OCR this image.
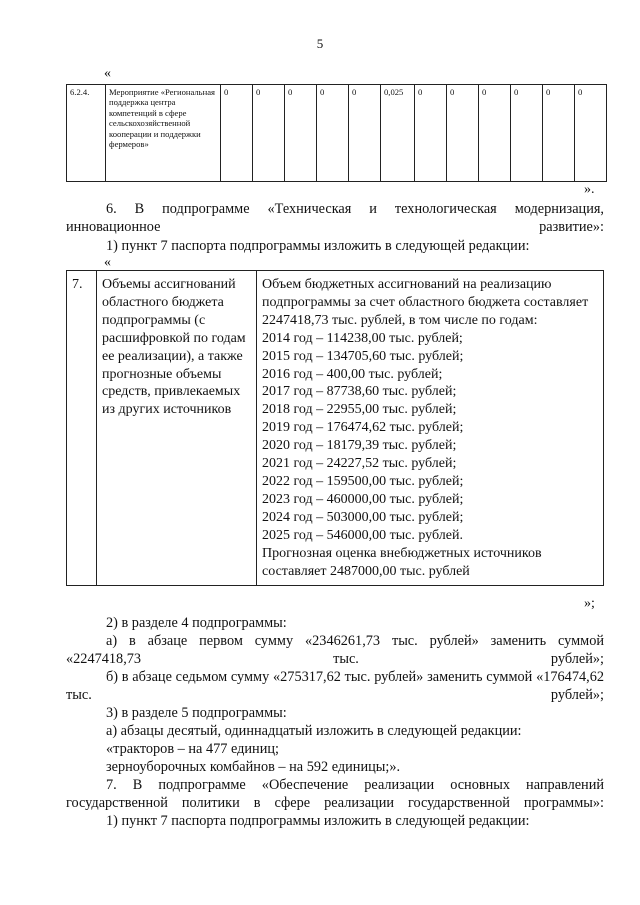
5
«
6.2.4.	Мероприятие «Региональная поддержка центра компетенций в сфере сельскохозяйственной кооперации и поддержки фермеров»	0	0	0	0	0	0,025	0	0	0	0	0	0
».
6. В подпрограмме «Техническая и технологическая модернизация, инновационное развитие»:
1) пункт 7 паспорта подпрограммы изложить в следующей редакции:
«
7.	Объемы ассигнований областного бюджета подпрограммы (с расшифровкой по годам ее реализации), а также прогнозные объемы средств, привлекаемых из других источников	
Объем бюджетных ассигнований на реализацию подпрограммы за счет областного бюджета составляет 2247418,73 тыс. рублей, в том числе по годам:
2014 год – 114238,00 тыс. рублей;
2015 год – 134705,60 тыс. рублей;
2016 год – 400,00 тыс. рублей;
2017 год – 87738,60 тыс. рублей;
2018 год – 22955,00 тыс. рублей;
2019 год – 176474,62 тыс. рублей;
2020 год – 18179,39 тыс. рублей;
2021 год – 24227,52 тыс. рублей;
2022 год – 159500,00 тыс. рублей;
2023 год – 460000,00 тыс. рублей;
2024 год – 503000,00 тыс. рублей;
2025 год – 546000,00 тыс. рублей.
Прогнозная оценка внебюджетных источников составляет 2487000,00 тыс. рублей
»;
2) в разделе 4 подпрограммы:
а) в абзаце первом сумму «2346261,73 тыс. рублей» заменить суммой «2247418,73 тыс. рублей»;
б) в абзаце седьмом сумму «275317,62 тыс. рублей» заменить суммой «176474,62 тыс. рублей»;
3) в разделе 5 подпрограммы:
а) абзацы десятый, одиннадцатый изложить в следующей редакции:
«тракторов – на 477 единиц;
зерноуборочных комбайнов – на 592 единицы;».
7. В подпрограмме «Обеспечение реализации основных направлений государственной политики в сфере реализации государственной программы»:
1) пункт 7 паспорта подпрограммы изложить в следующей редакции:
